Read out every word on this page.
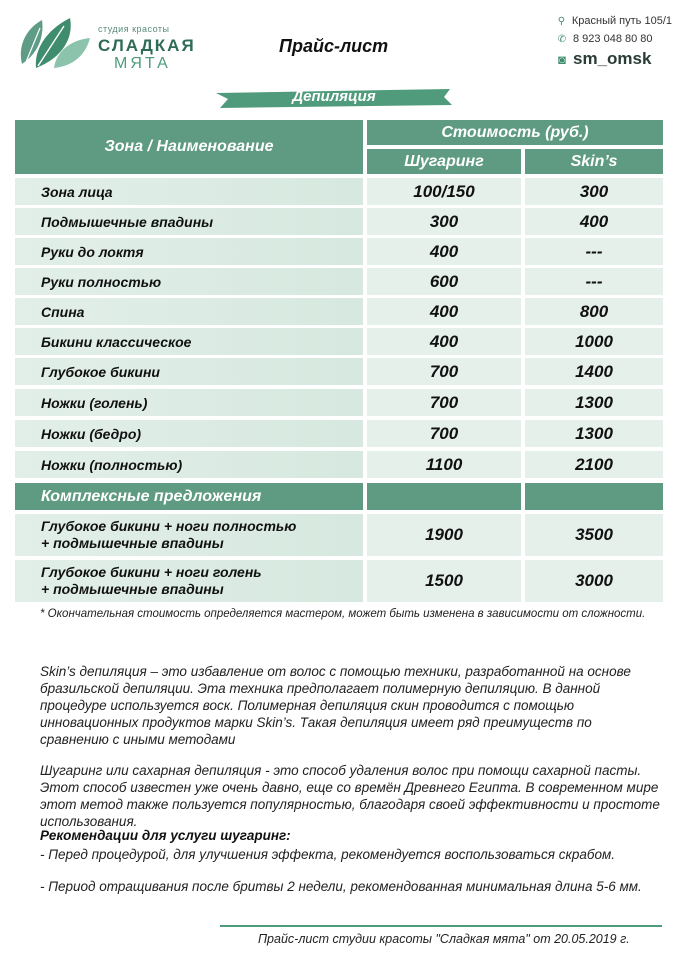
студия красоты
СЛАДКАЯ
МЯТА
Прайс-лист
⚲ Красный путь 105/1
✆ 8 923 048 80 80
◙ sm_omsk
Депиляция
Зона / Наименование
Стоимость (руб.)
Шугаринг	Skin’s
Зона лица	100/150	300
Подмышечные впадины	300	400
Руки до локтя	400	---
Руки полностью	600	---
Спина	400	800
Бикини классическое	400	1000
Глубокое бикини	700	1400
Ножки (голень)	700	1300
Ножки (бедро)	700	1300
Ножки (полностью)	1100	2100
Комплексные предложения
Глубокое бикини + ноги полностью
+ подмышечные впадины	1900	3500
Глубокое бикини + ноги голень
+ подмышечные впадины	1500	3000
* Окончательная стоимость определяется мастером, может быть изменена в зависимости от сложности.
Skin’s депиляция – это избавление от волос с помощью техники, разработанной на основе бразильской депиляции. Эта техника предполагает полимерную депиляцию. В данной процедуре используется воск. Полимерная депиляция скин проводится с помощью инновационных продуктов марки Skin’s. Такая депиляция имеет ряд преимуществ по сравнению с иными методами
Шугаринг или сахарная депиляция - это способ удаления волос при помощи сахарной пасты. Этот способ известен уже очень давно, еще со времён Древнего Египта. В современном мире этот метод также пользуется популярностью, благодаря своей эффективности и простоте использования.
Рекомендации для услуги шугаринг:
- Перед процедурой, для улучшения эффекта, рекомендуется воспользоваться скрабом.
- Период отращивания после бритвы 2 недели, рекомендованная минимальная длина 5-6 мм.
Прайс-лист студии красоты "Сладкая мята" от 20.05.2019 г.
